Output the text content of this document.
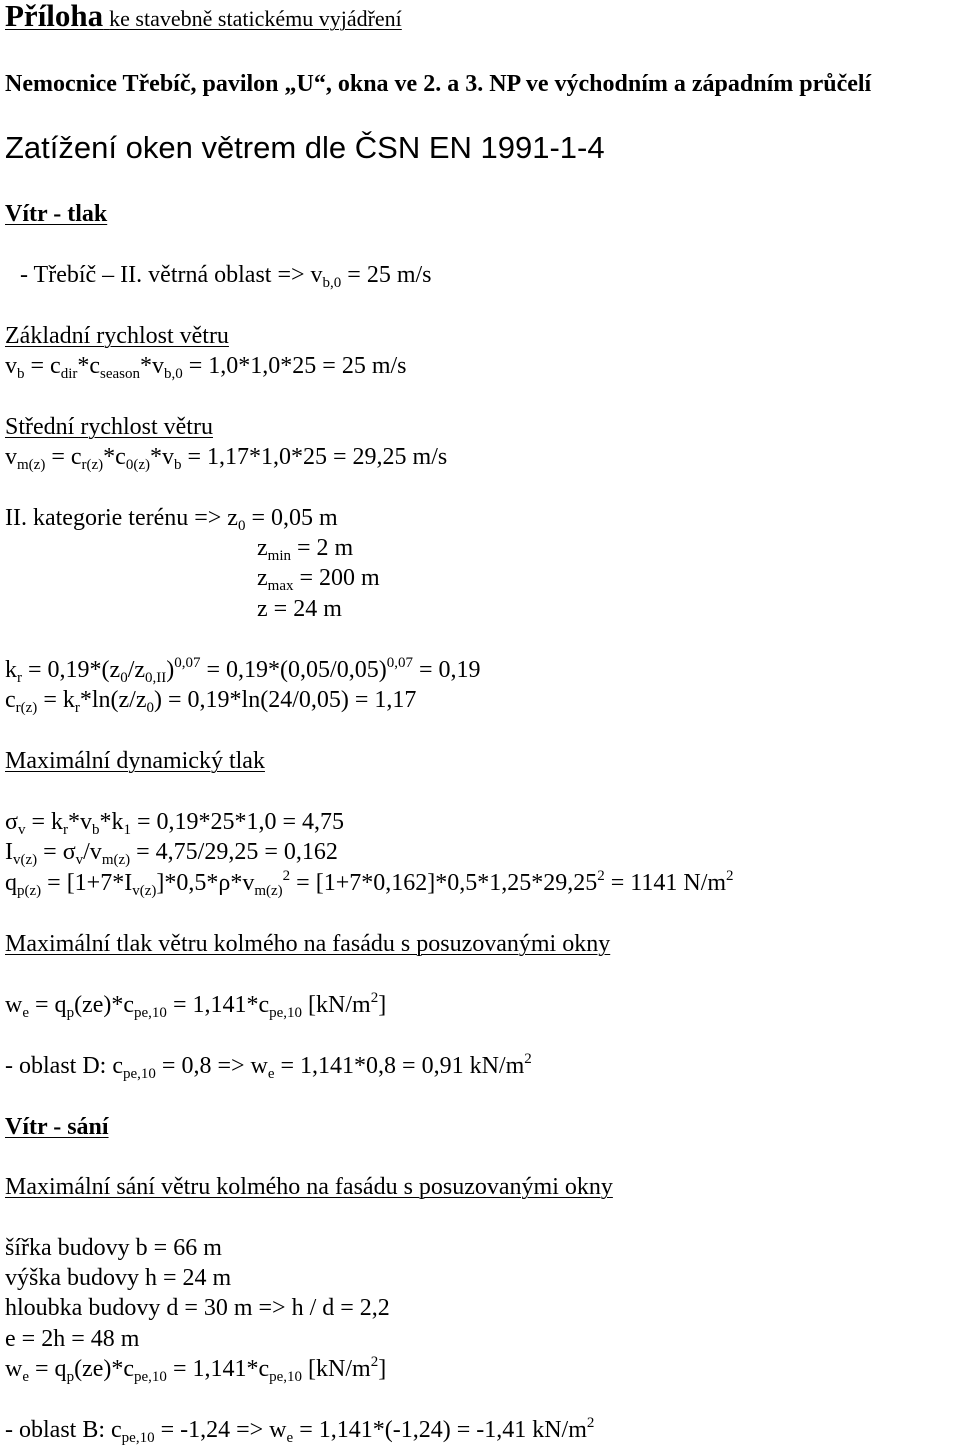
Příloha ke stavebně statickému vyjádření
Nemocnice Třebíč, pavilon „U“, okna ve 2. a 3. NP ve východním a západním průčelí
Zatížení oken větrem dle ČSN EN 1991-1-4
Vítr - tlak
- Třebíč – II. větrná oblast => $v_{b,0} = 25$ m/s
Základní rychlost větru
$v_b = c_{dir}*c_{season}*v_{b,0} = 1,0*1,0*25 = 25$ m/s
Střední rychlost větru
$v_{m(z)} = c_{r(z)}*c_{0(z)}*v_b = 1,17*1,0*25 = 29,25$ m/s
II. kategorie terénu => $z_0 = 0,05$ m
$z_{min} = 2$ m
$z_{max} = 200$ m
z = 24 m
$k_r = 0,19*(z_0/z_{0,II})^{0,07} = 0,19*(0,05/0,05)^{0,07} = 0,19$
$c_{r(z)} = k_r*\ln(z/z_0) = 0,19*\ln(24/0,05) = 1,17$
Maximální dynamický tlak
$\sigma_v = k_r*v_b*k_1 = 0,19*25*1,0 = 4,75$
$I_{v(z)} = \sigma_v/v_{m(z)} = 4,75/29,25 = 0,162$
$q_{p(z)} = [1+7*I_{v(z)}]*0,5*\rho*v_{m(z)}^2 = [1+7*0,162]*0,5*1,25*29,25^2 = 1141$ $N/m^2$
Maximální tlak větru kolmého na fasádu s posuzovanými okny
$w_e = q_p(ze)*c_{pe,10} = 1,141*c_{pe,10}$ $[kN/m^2]$
- oblast D: $c_{pe,10} = 0,8 => w_e = 1,141*0,8 = 0,91$ $kN/m^2$
Vítr - sání
Maximální sání větru kolmého na fasádu s posuzovanými okny
šířka budovy b = 66 m
výška budovy h = 24 m
hloubka budovy d = 30 m => h / d = 2,2
e = 2h = 48 m
$w_e = q_p(ze)*c_{pe,10} = 1,141*c_{pe,10}$ $[kN/m^2]$
- oblast B: $c_{pe,10} = -1,24 => w_e = 1,141*(-1,24) = -1,41$ $kN/m^2$
